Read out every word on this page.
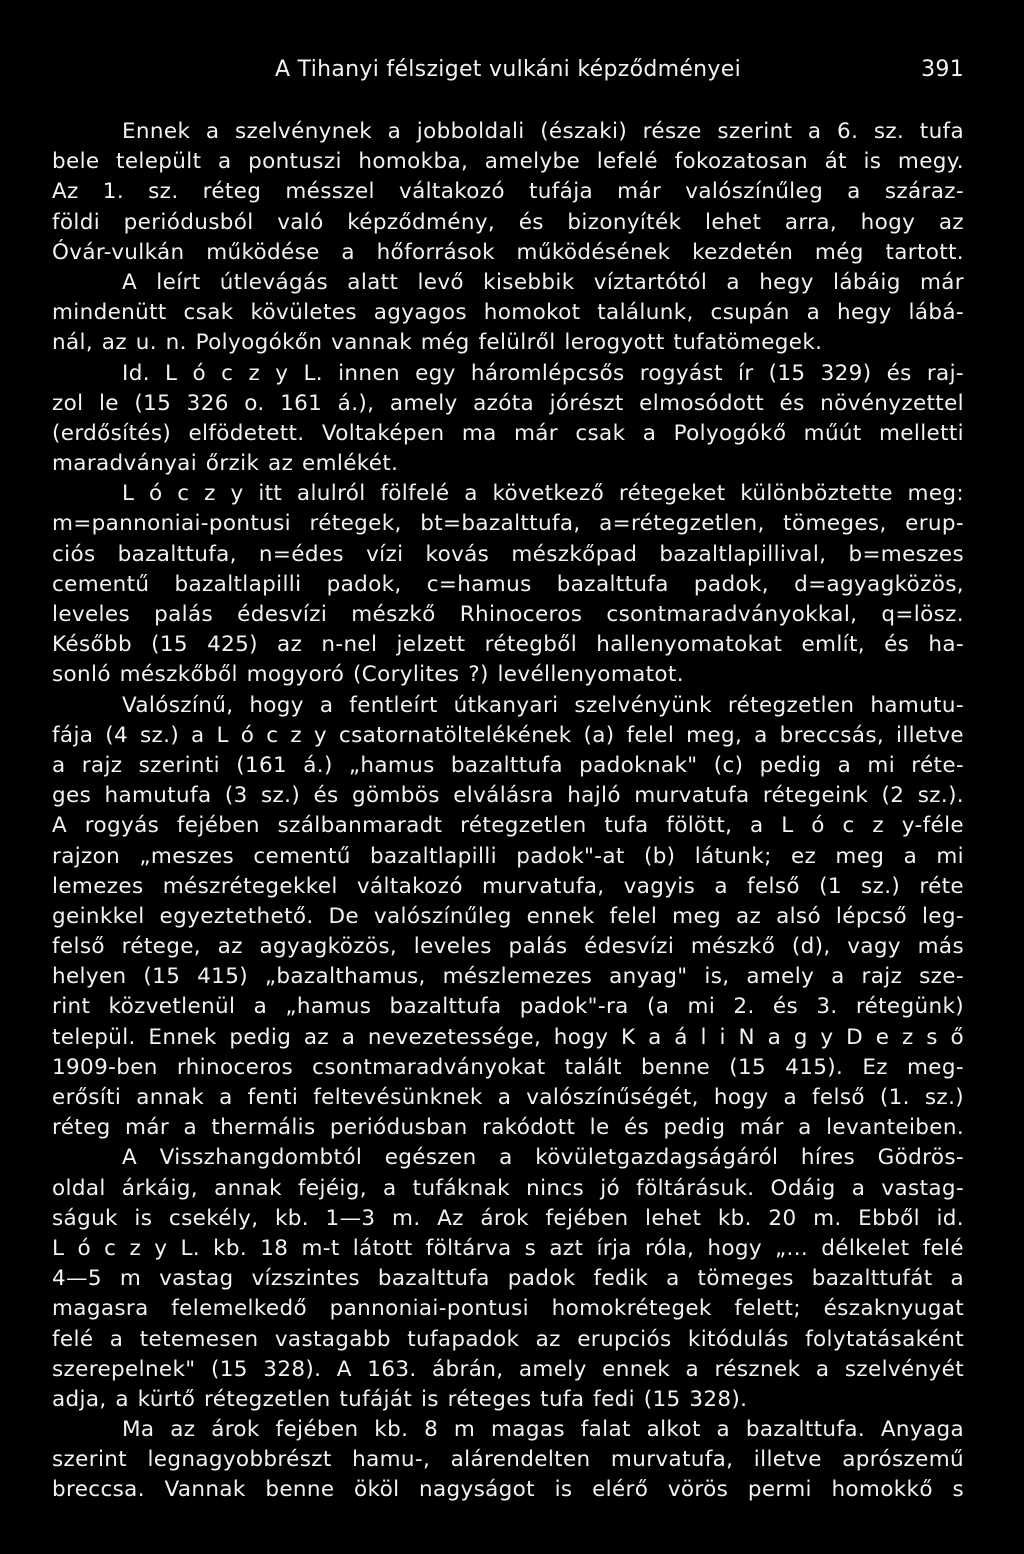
A Tihanyi félsziget vulkáni képződményei	391
Ennek a szelvénynek a jobboldali (északi) része szerint a 6. sz. tufa
bele települt a pontuszi homokba, amelybe lefelé fokozatosan át is megy.
Az 1. sz. réteg mésszel váltakozó tufája már valószínűleg a száraz-
földi periódusból való képződmény, és bizonyíték lehet arra, hogy az
Óvár-vulkán működése a hőforrások működésének kezdetén még tartott.
A leírt útlevágás alatt levő kisebbik víztartótól a hegy lábáig már
mindenütt csak kövületes agyagos homokot találunk, csupán a hegy lábá-
nál, az u. n. Polyogókőn vannak még felülről lerogyott tufatömegek.
Id. L ó c z y L. innen egy háromlépcsős rogyást ír (15 329) és raj-
zol le (15 326 o. 161 á.), amely azóta jórészt elmosódott és növényzettel
(erdősítés) elfödetett. Voltaképen ma már csak a Polyogókő műút melletti
maradványai őrzik az emlékét.
L ó c z y itt alulról fölfelé a következő rétegeket különböztette meg:
m=pannoniai-pontusi rétegek, bt=bazalttufa, a=rétegzetlen, tömeges, erup-
ciós bazalttufa, n=édes vízi kovás mészkőpad bazaltlapillival, b=meszes
cementű bazaltlapilli padok, c=hamus bazalttufa padok, d=agyagközös,
leveles palás édesvízi mészkő Rhinoceros csontmaradványokkal, q=lösz.
Később (15 425) az n-nel jelzett rétegből hallenyomatokat említ, és ha-
sonló mészkőből mogyoró (Corylites ?) levéllenyomatot.
Valószínű, hogy a fentleírt útkanyari szelvényünk rétegzetlen hamutu-
fája (4 sz.) a L ó c z y csatornatöltelékének (a) felel meg, a breccsás, illetve
a rajz szerinti (161 á.) „hamus bazalttufa padoknak" (c) pedig a mi réte-
ges hamutufa (3 sz.) és gömbös elválásra hajló murvatufa rétegeink (2 sz.).
A rogyás fejében szálbanmaradt rétegzetlen tufa fölött, a L ó c z y-féle
rajzon „meszes cementű bazaltlapilli padok"-at (b) látunk; ez meg a mi
lemezes mészrétegekkel váltakozó murvatufa, vagyis a felső (1 sz.) réte
geinkkel egyeztethető. De valószínűleg ennek felel meg az alsó lépcső leg-
felső rétege, az agyagközös, leveles palás édesvízi mészkő (d), vagy más
helyen (15 415) „bazalthamus, mészlemezes anyag" is, amely a rajz sze-
rint közvetlenül a „hamus bazalttufa padok"-ra (a mi 2. és 3. rétegünk)
települ. Ennek pedig az a nevezetessége, hogy K a á l i N a g y D e z s ő
1909-ben rhinoceros csontmaradványokat talált benne (15 415). Ez meg-
erősíti annak a fenti feltevésünknek a valószínűségét, hogy a felső (1. sz.)
réteg már a thermális periódusban rakódott le és pedig már a levanteiben.
A Visszhangdombtól egészen a kövületgazdagságáról híres Gödrös-
oldal árkáig, annak fejéig, a tufáknak nincs jó föltárásuk. Odáig a vastag-
ságuk is csekély, kb. 1—3 m. Az árok fejében lehet kb. 20 m. Ebből id.
L ó c z y L. kb. 18 m-t látott föltárva s azt írja róla, hogy „... délkelet felé
4—5 m vastag vízszintes bazalttufa padok fedik a tömeges bazalttufát a
magasra felemelkedő pannoniai-pontusi homokrétegek felett; északnyugat
felé a tetemesen vastagabb tufapadok az erupciós kitódulás folytatásaként
szerepelnek" (15 328). A 163. ábrán, amely ennek a résznek a szelvényét
adja, a kürtő rétegzetlen tufáját is réteges tufa fedi (15 328).
Ma az árok fejében kb. 8 m magas falat alkot a bazalttufa. Anyaga
szerint legnagyobbrészt hamu-, alárendelten murvatufa, illetve aprószemű
breccsa. Vannak benne ököl nagyságot is elérő vörös permi homokkő s
